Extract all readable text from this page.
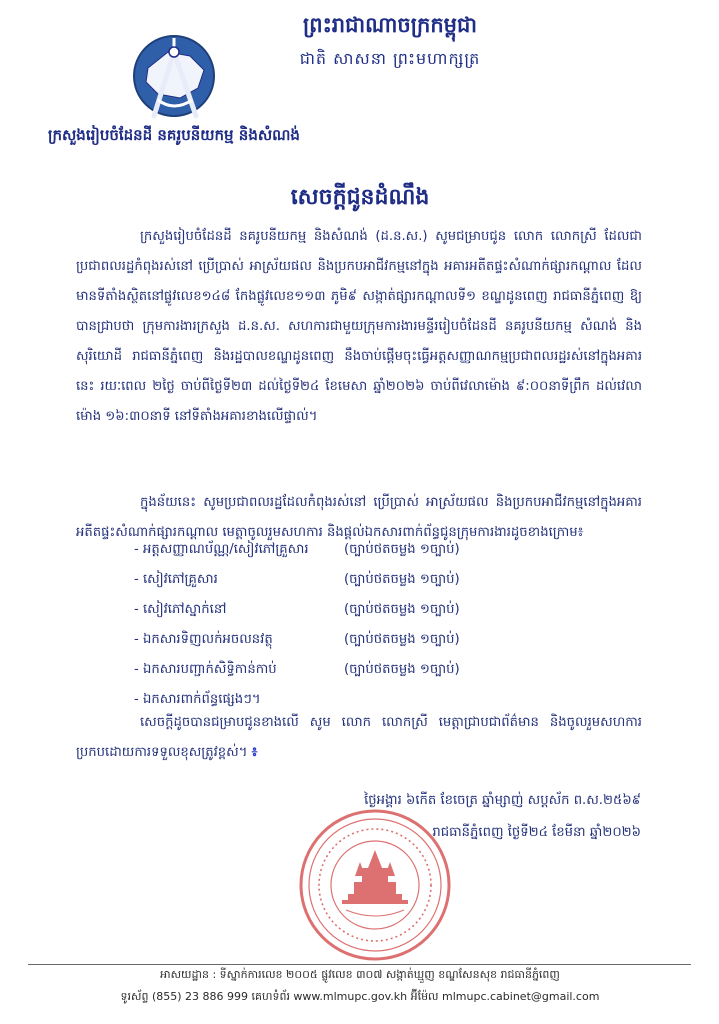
ព្រះរាជាណាចក្រកម្ពុជា
ជាតិ សាសនា ព្រះមហាក្សត្រ
ក្រសួងរៀបចំដែនដី នគរូបនីយកម្ម និងសំណង់
សេចក្តីជូនដំណឹង
ក្រសួងរៀបចំដែនដី នគរូបនីយកម្ម និងសំណង់ (ដ.ន.ស.) សូមជម្រាបជូន លោក លោកស្រី ដែលជាប្រជាពលរដ្ឋកំពុងរស់នៅ ប្រើប្រាស់ អាស្រ័យផល និងប្រកបអាជីវកម្មនៅក្នុង អគារអតីតផ្ទះសំណាក់ផ្សារកណ្តាល ដែលមានទីតាំងស្ថិតនៅផ្លូវលេខ១៤៨ កែងផ្លូវលេខ១១៣ ភូមិ៩ សង្កាត់ផ្សារកណ្តាលទី១ ខណ្ឌដូនពេញ រាជធានីភ្នំពេញ ឱ្យបានជ្រាបថា ក្រុមការងារក្រសួង ដ.ន.ស. សហការជាមួយក្រុមការងារមន្ទីររៀបចំដែនដី នគរូបនីយកម្ម សំណង់ និងសុរិយោដី រាជធានីភ្នំពេញ និងរដ្ឋបាលខណ្ឌដូនពេញ នឹងចាប់ផ្តើមចុះធ្វើអត្តសញ្ញាណកម្មប្រជាពលរដ្ឋរស់នៅក្នុងអគារនេះ រយៈពេល ២ថ្ងៃ ចាប់ពីថ្ងៃទី២៣ ដល់ថ្ងៃទី២៤ ខែមេសា ឆ្នាំ២០២៦ ចាប់ពីវេលាម៉ោង ៩:០០នាទីព្រឹក ដល់វេលាម៉ោង ១៦:៣០នាទី នៅទីតាំងអគារខាងលើផ្ទាល់។
ក្នុងន័យនេះ សូមប្រជាពលរដ្ឋដែលកំពុងរស់នៅ ប្រើប្រាស់ អាស្រ័យផល និងប្រកបអាជីវកម្មនៅក្នុងអគារអតីតផ្ទះសំណាក់ផ្សារកណ្តាល មេត្តាចូលរួមសហការ និងផ្តល់ឯកសារពាក់ព័ន្ធជូនក្រុមការងារដូចខាងក្រោម៖
- អត្តសញ្ញាណប័ណ្ណ/សៀវភៅគ្រួសារ	(ច្បាប់ថតចម្លង ១ច្បាប់)
- សៀវភៅគ្រួសារ	(ច្បាប់ថតចម្លង ១ច្បាប់)
- សៀវភៅស្នាក់នៅ	(ច្បាប់ថតចម្លង ១ច្បាប់)
- ឯកសារទិញលក់អចលនវត្ថុ	(ច្បាប់ថតចម្លង ១ច្បាប់)
- ឯកសារបញ្ជាក់សិទ្ធិកាន់កាប់	(ច្បាប់ថតចម្លង ១ច្បាប់)
- ឯកសារពាក់ព័ន្ធផ្សេងៗ។
សេចក្តីដូចបានជម្រាបជូនខាងលើ សូម លោក លោកស្រី មេត្តាជ្រាបជាព័ត៌មាន និងចូលរួមសហការប្រកបដោយការទទួលខុសត្រូវខ្ពស់។ ៖
ថ្ងៃអង្គារ ៦កើត ខែចេត្រ ឆ្នាំម្សាញ់ សប្តស័ក ព.ស.២៥៦៩
រាជធានីភ្នំពេញ ថ្ងៃទី២៤ ខែមីនា ឆ្នាំ២០២៦
អាសយដ្ឋាន : ទីស្នាក់ការលេខ ២០០៥ ផ្លូវលេខ ៣០៧ សង្កាត់ឃ្មួញ ខណ្ឌសែនសុខ រាជធានីភ្នំពេញ
ទូរស័ព្ទ (855) 23 886 999 គេហទំព័រ www.mlmupc.gov.kh អ៊ីម៉ែល mlmupc.cabinet@gmail.com
